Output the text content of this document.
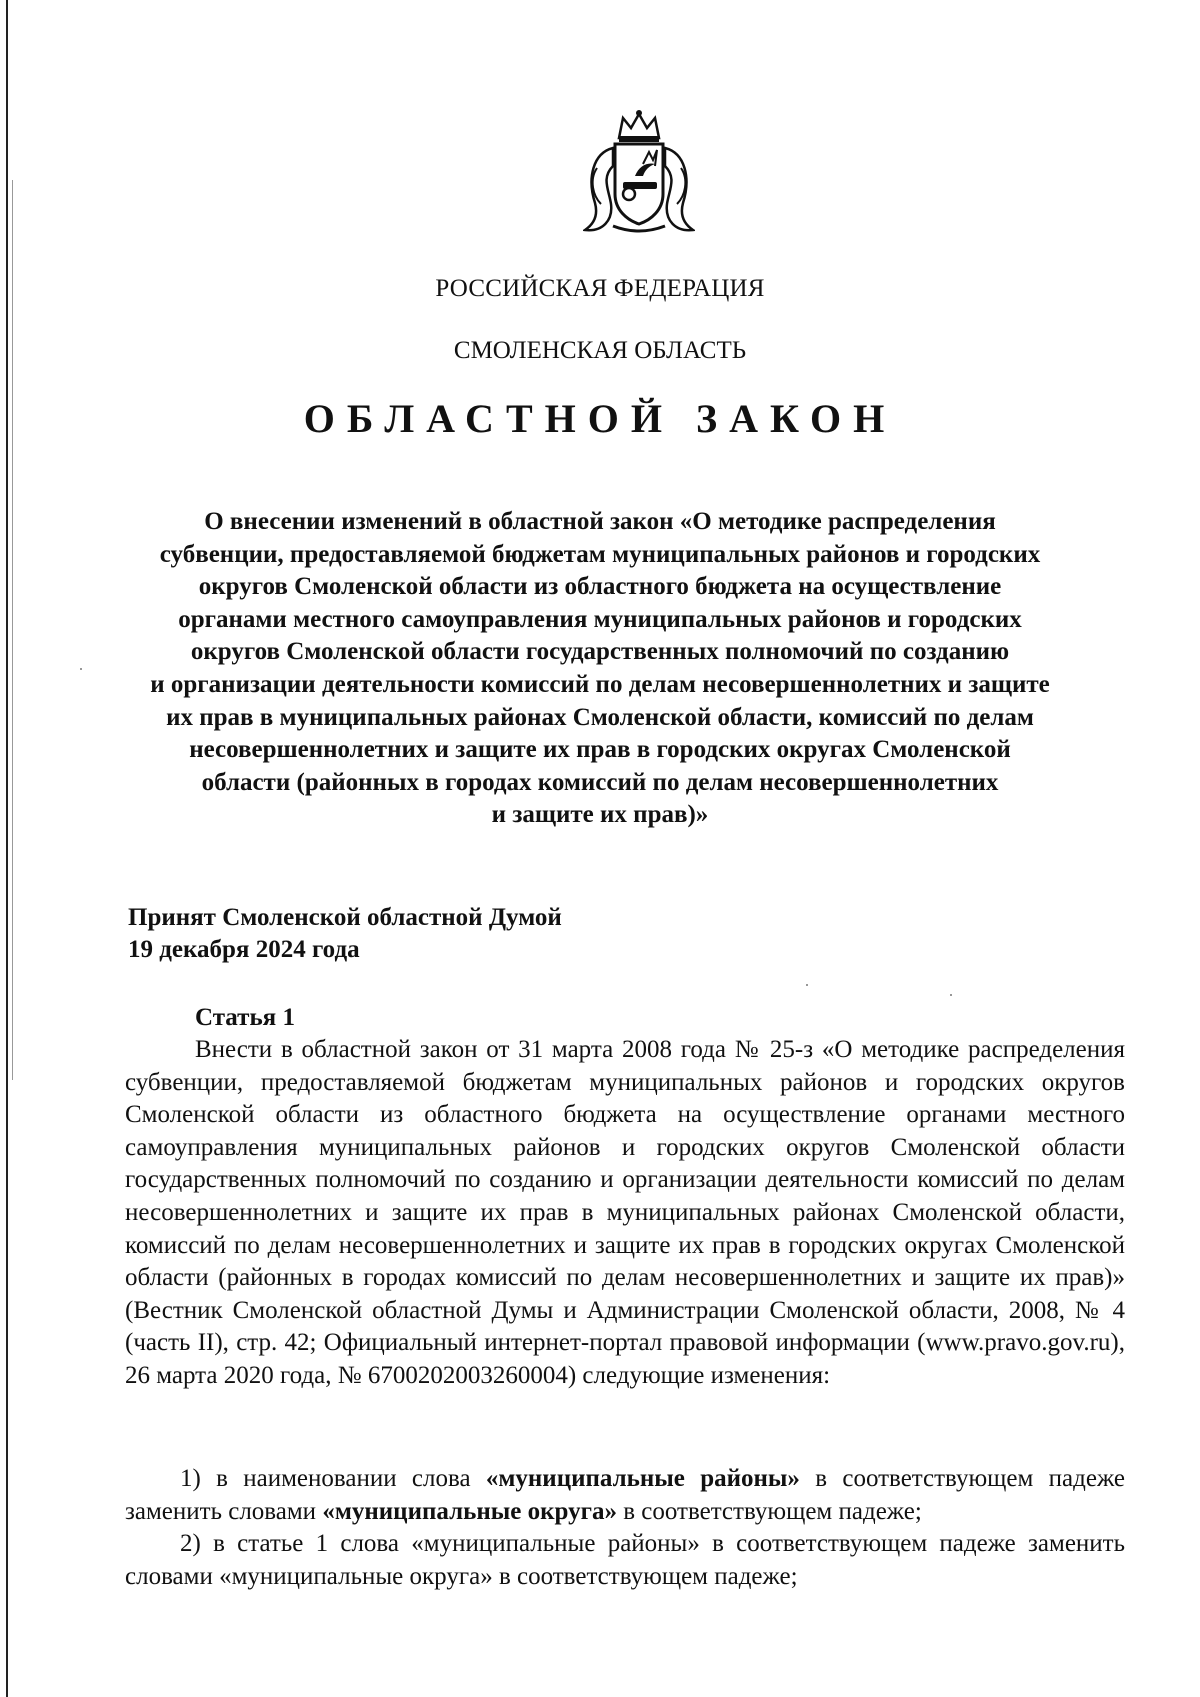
РОССИЙСКАЯ ФЕДЕРАЦИЯ
СМОЛЕНСКАЯ ОБЛАСТЬ
ОБЛАСТНОЙ ЗАКОН
О внесении изменений в областной закон «О методике распределения
субвенции, предоставляемой бюджетам муниципальных районов и городских
округов Смоленской области из областного бюджета на осуществление
органами местного самоуправления муниципальных районов и городских
округов Смоленской области государственных полномочий по созданию
и организации деятельности комиссий по делам несовершеннолетних и защите
их прав в муниципальных районах Смоленской области, комиссий по делам
несовершеннолетних и защите их прав в городских округах Смоленской
области (районных в городах комиссий по делам несовершеннолетних
и защите их прав)»
Принят Смоленской областной Думой
19 декабря 2024 года
Статья 1
Внести в областной закон от 31 марта 2008 года № 25-з «О методике распределения субвенции, предоставляемой бюджетам муниципальных районов и городских округов Смоленской области из областного бюджета на осуществление органами местного самоуправления муниципальных районов и городских округов Смоленской области государственных полномочий по созданию и организации деятельности комиссий по делам несовершеннолетних и защите их прав в муниципальных районах Смоленской области, комиссий по делам несовершеннолетних и защите их прав в городских округах Смоленской области (районных в городах комиссий по делам несовершеннолетних и защите их прав)» (Вестник Смоленской областной Думы и Администрации Смоленской области, 2008, № 4 (часть II), стр. 42; Официальный интернет-портал правовой информации (www.pravo.gov.ru), 26 марта 2020 года, № 6700202003260004) следующие изменения:
1) в наименовании слова «муниципальные районы» в соответствующем падеже заменить словами «муниципальные округа» в соответствующем падеже;
2) в статье 1 слова «муниципальные районы» в соответствующем падеже заменить словами «муниципальные округа» в соответствующем падеже;
